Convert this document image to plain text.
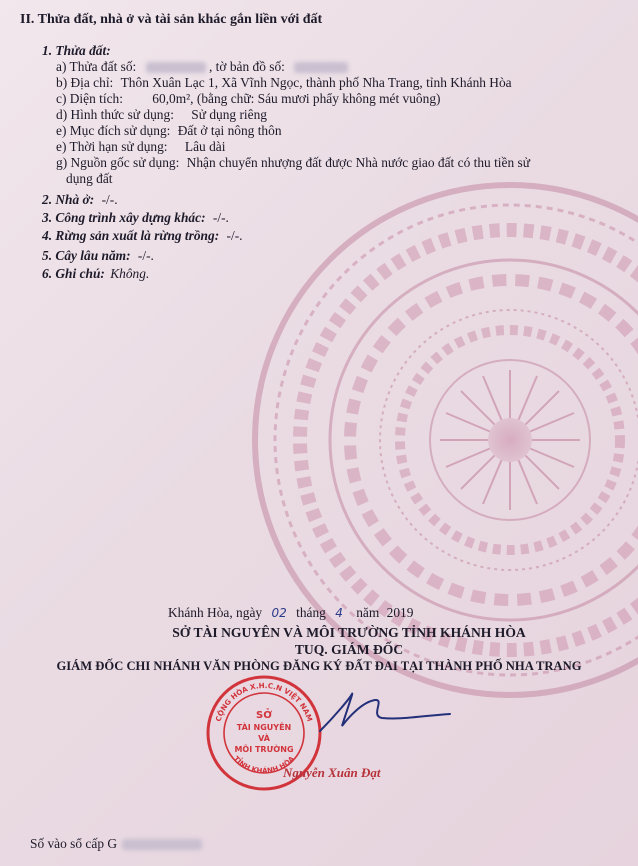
II. Thửa đất, nhà ở và tài sản khác gắn liền với đất
1. Thửa đất:
a) Thửa đất số:	, tờ bản đồ số:
b) Địa chỉ: Thôn Xuân Lạc 1, Xã Vĩnh Ngọc, thành phố Nha Trang, tỉnh Khánh Hòa
c) Diện tích: 60,0m², (bằng chữ: Sáu mươi phẩy không mét vuông)
d) Hình thức sử dụng: Sử dụng riêng
e) Mục đích sử dụng: Đất ở tại nông thôn
e) Thời hạn sử dụng: Lâu dài
g) Nguồn gốc sử dụng: Nhận chuyển nhượng đất được Nhà nước giao đất có thu tiền sử
dụng đất
2. Nhà ở: -/-.
3. Công trình xây dựng khác: -/-.
4. Rừng sản xuất là rừng trồng: -/-.
5. Cây lâu năm: -/-.
6. Ghi chú: Không.
Khánh Hòa, ngày 02 tháng 4 năm 2019
SỞ TÀI NGUYÊN VÀ MÔI TRƯỜNG TỈNH KHÁNH HÒA
TUQ. GIÁM ĐỐC
GIÁM ĐỐC CHI NHÁNH VĂN PHÒNG ĐĂNG KÝ ĐẤT ĐAI TẠI THÀNH PHỐ NHA TRANG
CỘNG HÒA X.H.C.N VIỆT NAM
TỈNH KHÁNH HÒA
SỞ
TÀI NGUYÊN
VÀ
MÔI TRƯỜNG
Nguyễn Xuân Đạt
Số vào sổ cấp G
